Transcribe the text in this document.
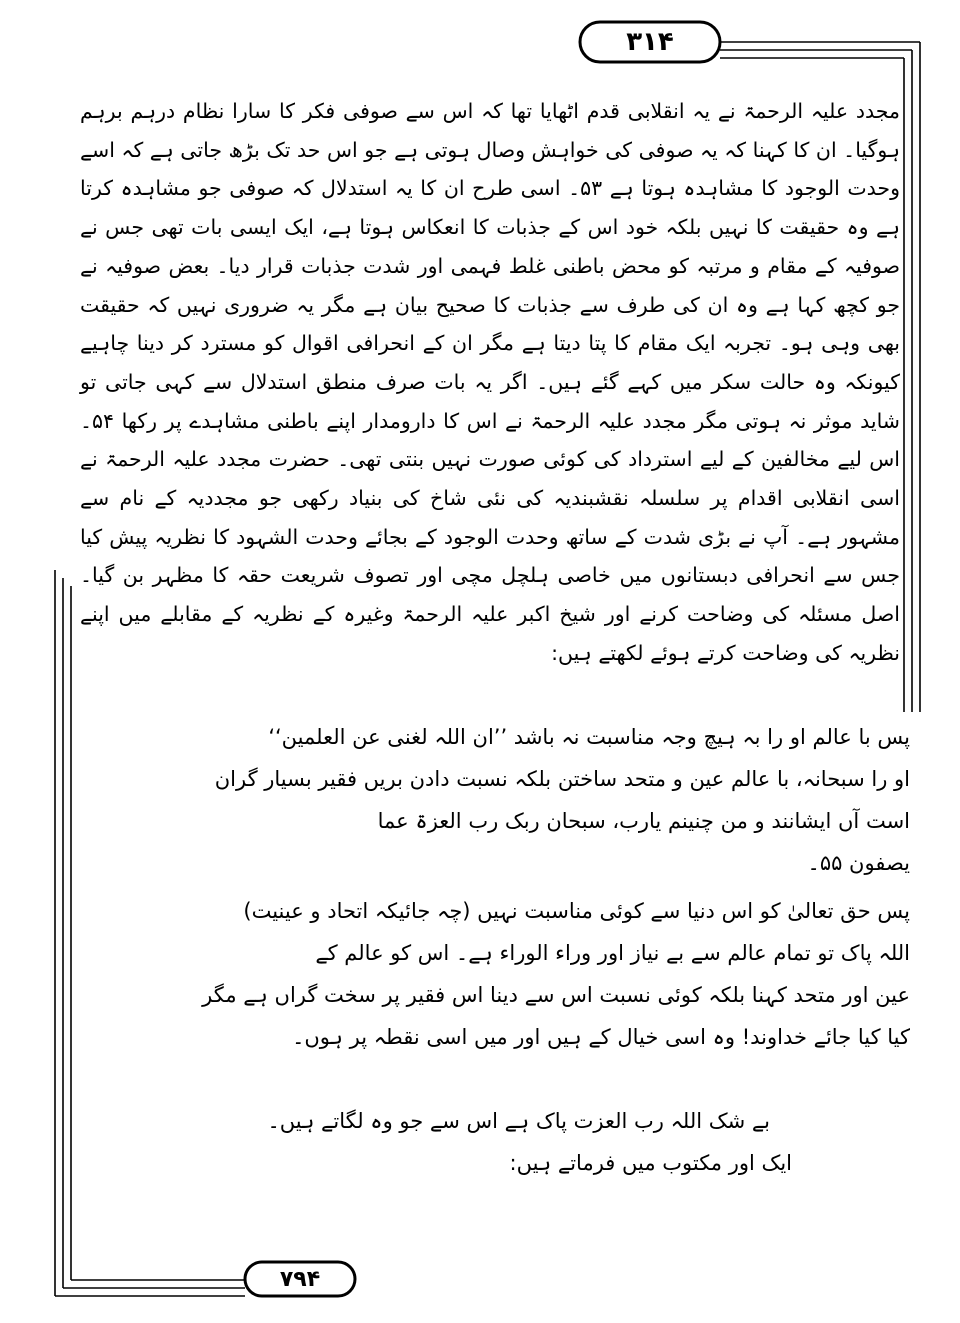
۳۱۴

مجدد علیہ الرحمۃ نے یہ انقلابی قدم اٹھایا تھا کہ اس سے صوفی فکر کا سارا نظام درہم برہم ہوگیا۔ ان کا کہنا کہ یہ صوفی کی خواہش وصال ہوتی ہے جو اس حد تک بڑھ جاتی ہے کہ اسے وحدت الوجود کا مشاہدہ ہوتا ہے ۵۳۔ اسی طرح ان کا یہ استدلال کہ صوفی جو مشاہدہ کرتا ہے وہ حقیقت کا نہیں بلکہ خود اس کے جذبات کا انعکاس ہوتا ہے، ایک ایسی بات تھی جس نے صوفیہ کے مقام و مرتبہ کو محض باطنی غلط فہمی اور شدت جذبات قرار دیا۔ بعض صوفیہ نے جو کچھ کہا ہے وہ ان کی طرف سے جذبات کا صحیح بیان ہے مگر یہ ضروری نہیں کہ حقیقت بھی وہی ہو۔ تجربہ ایک مقام کا پتا دیتا ہے مگر ان کے انحرافی اقوال کو مسترد کر دینا چاہیے کیونکہ وہ حالت سکر میں کہے گئے ہیں۔ اگر یہ بات صرف منطق استدلال سے کہی جاتی تو شاید موثر نہ ہوتی مگر مجدد علیہ الرحمۃ نے اس کا دارومدار اپنے باطنی مشاہدے پر رکھا ۵۴۔ اس لیے مخالفین کے لیے استرداد کی کوئی صورت نہیں بنتی تھی۔ حضرت مجدد علیہ الرحمۃ نے اسی انقلابی اقدام پر سلسلہ نقشبندیہ کی نئی شاخ کی بنیاد رکھی جو مجددیہ کے نام سے مشہور ہے۔ آپ نے بڑی شدت کے ساتھ وحدت الوجود کے بجائے وحدت الشہود کا نظریہ پیش کیا جس سے انحرافی دبستانوں میں خاصی ہلچل مچی اور تصوف شریعت حقہ کا مظہر بن گیا۔ اصل مسئلہ کی وضاحت کرنے اور شیخ اکبر علیہ الرحمۃ وغیرہ کے نظریہ کے مقابلے میں اپنے نظریہ کی وضاحت کرتے ہوئے لکھتے ہیں:

پس با عالم او را بہ ہیچ وجہ مناسبت نہ باشد ’’ان اللہ لغنی عن العلمین‘‘

او را سبحانہ، با عالم عین و متحد ساختن بلکہ نسبت دادن بریں فقیر بسیار گران

است آں ایشانند و من چنینم یارب، سبحان ربک رب العزۃ عما

یصفون ۵۵۔

پس حق تعالیٰ کو اس دنیا سے کوئی مناسبت نہیں (چہ جائیکہ اتحاد و عینیت)

اللہ پاک تو تمام عالم سے بے نیاز اور وراء الوراء ہے۔ اس کو عالم کے

عین اور متحد کہنا بلکہ کوئی نسبت اس سے دینا اس فقیر پر سخت گراں ہے مگر

کیا کیا جائے خداوند! وہ اسی خیال کے ہیں اور میں اسی نقطہ پر ہوں۔

بے شک اللہ رب العزت پاک ہے اس سے جو وہ لگاتے ہیں۔

ایک اور مکتوب میں فرماتے ہیں:

۷۹۴
